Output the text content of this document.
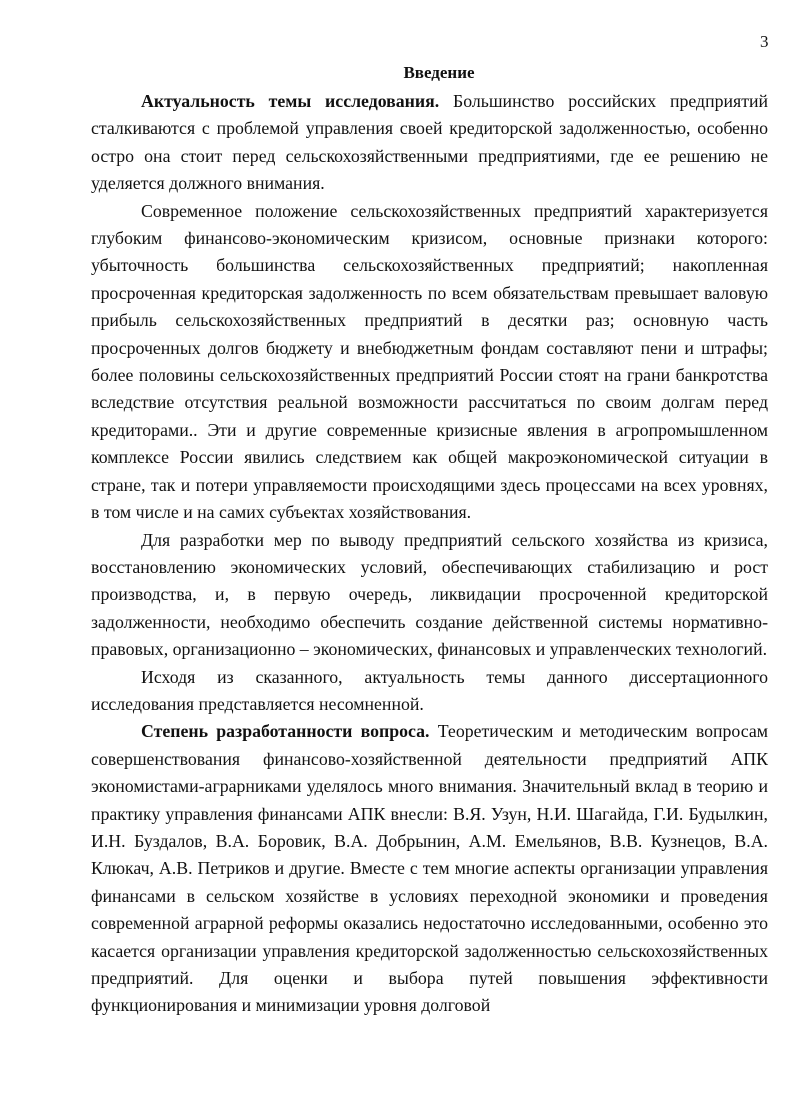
3
Введение

Актуальность темы исследования. Большинство российских предприятий сталкиваются с проблемой управления своей кредиторской задолженностью, особенно остро она стоит перед сельскохозяйственными предприятиями, где ее решению не уделяется должного внимания.

Современное положение сельскохозяйственных предприятий характеризуется глубоким финансово-экономическим кризисом, основные признаки которого: убыточность большинства сельскохозяйственных предприятий; накопленная просроченная кредиторская задолженность по всем обязательствам превышает валовую прибыль сельскохозяйственных предприятий в десятки раз; основную часть просроченных долгов бюджету и внебюджетным фондам составляют пени и штрафы; более половины сельскохозяйственных предприятий России стоят на грани банкротства вследствие отсутствия реальной возможности рассчитаться по своим долгам перед кредиторами.. Эти и другие современные кризисные явления в агропромышленном комплексе России явились следствием как общей макроэкономической ситуации в стране, так и потери управляемости происходящими здесь процессами на всех уровнях, в том числе и на самих субъектах хозяйствования.

Для разработки мер по выводу предприятий сельского хозяйства из кризиса, восстановлению экономических условий, обеспечивающих стабилизацию и рост производства, и, в первую очередь, ликвидации просроченной кредиторской задолженности, необходимо обеспечить создание действенной системы нормативно-правовых, организационно – экономических, финансовых и управленческих технологий.

Исходя из сказанного, актуальность темы данного диссертационного исследования представляется несомненной.

Степень разработанности вопроса. Теоретическим и методическим вопросам совершенствования финансово-хозяйственной деятельности предприятий АПК экономистами-аграрниками уделялось много внимания. Значительный вклад в теорию и практику управления финансами АПК внесли: В.Я. Узун, Н.И. Шагайда, Г.И. Будылкин, И.Н. Буздалов, В.А. Боровик, В.А. Добрынин, А.М. Емельянов, В.В. Кузнецов, В.А. Клюкач, А.В. Петриков и другие. Вместе с тем многие аспекты организации управления финансами в сельском хозяйстве в условиях переходной экономики и проведения современной аграрной реформы оказались недостаточно исследованными, особенно это касается организации управления кредиторской задолженностью сельскохозяйственных предприятий. Для оценки и выбора путей повышения эффективности функционирования и минимизации уровня долговой
